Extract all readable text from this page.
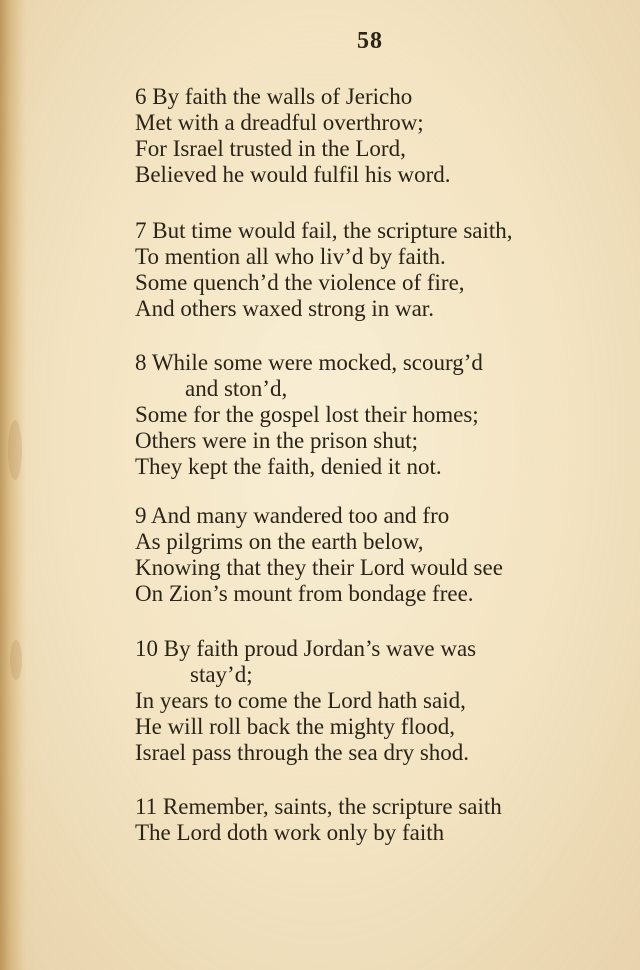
58
6 By faith the walls of Jericho
Met with a dreadful overthrow;
For Israel trusted in the Lord,
Believed he would fulfil his word.
7 But time would fail, the scripture saith,
To mention all who liv’d by faith.
Some quench’d the violence of fire,
And others waxed strong in war.
8 While some were mocked, scourg’d
and ston’d,
Some for the gospel lost their homes;
Others were in the prison shut;
They kept the faith, denied it not.
9 And many wandered too and fro
As pilgrims on the earth below,
Knowing that they their Lord would see
On Zion’s mount from bondage free.
10 By faith proud Jordan’s wave was
stay’d;
In years to come the Lord hath said,
He will roll back the mighty flood,
Israel pass through the sea dry shod.
11 Remember, saints, the scripture saith
The Lord doth work only by faith
